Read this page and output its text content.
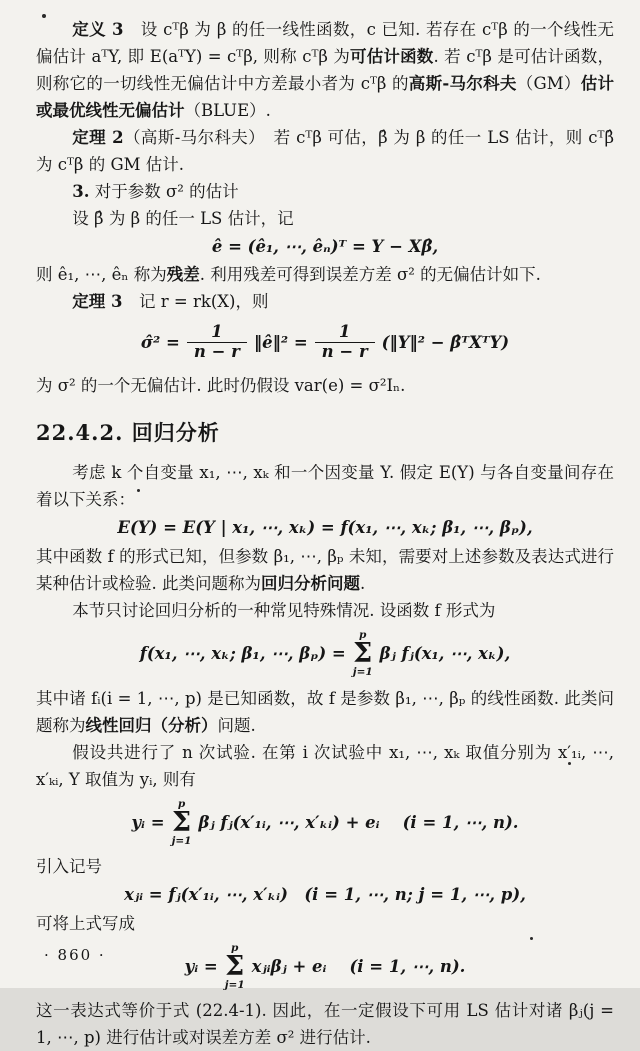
定义 3　设 cᵀβ 为 β 的任一线性函数，c 已知. 若存在 cᵀβ 的一个线性无偏估计 aᵀY, 即 E(aᵀY) = cᵀβ, 则称 cᵀβ 为可估计函数. 若 cᵀβ 是可估计函数，则称它的一切线性无偏估计中方差最小者为 cᵀβ 的高斯-马尔科夫（GM）估计或最优线性无偏估计（BLUE）.

定理 2（高斯-马尔科夫）　若 cᵀβ 可估，β̂ 为 β 的任一 LS 估计，则 cᵀβ̂ 为 cᵀβ 的 GM 估计.

3. 对于参数 σ² 的估计

设 β̂ 为 β 的任一 LS 估计，记

ê = (ê₁, ⋯, êₙ)ᵀ = Y − Xβ̂,

则 ê₁, ⋯, êₙ 称为残差. 利用残差可得到误差方差 σ² 的无偏估计如下.

定理 3　记 r = rk(X)，则

σ̂² = $\frac{1}{n - r}$ ‖ê‖² = $\frac{1}{n - r}$ (‖Y‖² − β̂ᵀXᵀY)

为 σ² 的一个无偏估计. 此时仍假设 var(e) = σ²Iₙ.

22.4.2. 回归分析

考虑 k 个自变量 x₁, ⋯, xₖ 和一个因变量 Y. 假定 E(Y) 与各自变量间存在着以下关系：

E(Y) = E(Y | x₁, ⋯, xₖ) = f(x₁, ⋯, xₖ; β₁, ⋯, βₚ),

其中函数 f 的形式已知，但参数 β₁, ⋯, βₚ 未知，需要对上述参数及表达式进行某种估计或检验. 此类问题称为回归分析问题.

本节只讨论回归分析的一种常见特殊情况. 设函数 f 形式为

f(x₁, ⋯, xₖ; β₁, ⋯, βₚ) =
p
Σ
j=1
βⱼ fⱼ(x₁, ⋯, xₖ),

其中诸 fᵢ(i = 1, ⋯, p) 是已知函数，故 f 是参数 β₁, ⋯, βₚ 的线性函数. 此类问题称为线性回归（分析）问题.

假设共进行了 n 次试验. 在第 i 次试验中 x₁, ⋯, xₖ 取值分别为 x′₁ᵢ, ⋯, x′ₖᵢ, Y 取值为 yᵢ, 则有

yᵢ =
p
Σ
j=1
βⱼ fⱼ(x′₁ᵢ, ⋯, x′ₖᵢ) + eᵢ (i = 1, ⋯, n).

引入记号

xⱼᵢ = fⱼ(x′₁ᵢ, ⋯, x′ₖᵢ)　(i = 1, ⋯, n; j = 1, ⋯, p),

可将上式写成

yᵢ =
p
Σ
j=1
xⱼᵢβⱼ + eᵢ (i = 1, ⋯, n).

这一表达式等价于式 (22.4-1). 因此，在一定假设下可用 LS 估计对诸 βⱼ(j = 1, ⋯, p) 进行估计或对误差方差 σ² 进行估计.

· 860 ·
